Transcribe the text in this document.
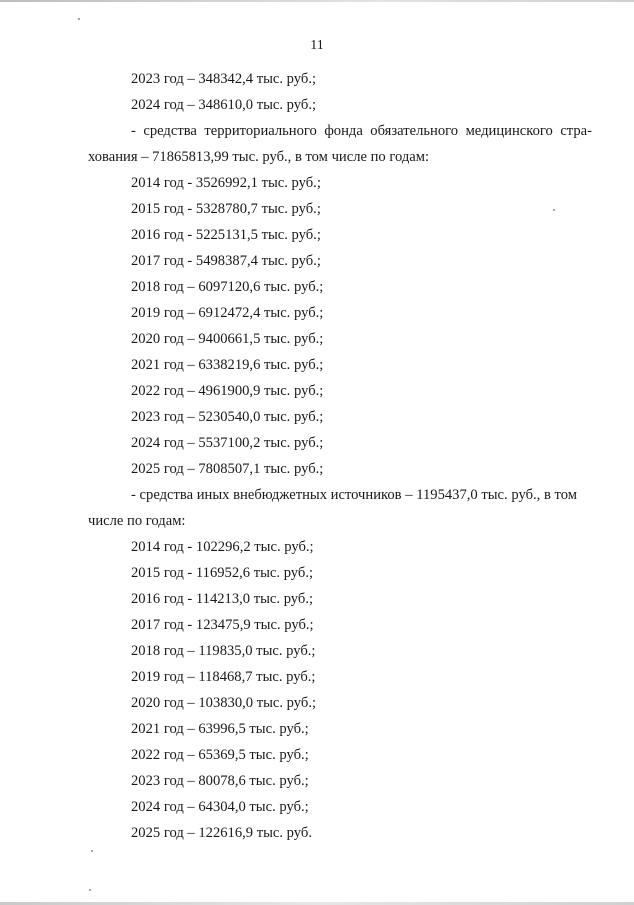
11
2023 год – 348342,4 тыс. руб.;
2024 год – 348610,0 тыс. руб.;
- средства территориального фонда обязательного медицинского стра-
хования – 71865813,99 тыс. руб., в том числе по годам:
2014 год - 3526992,1 тыс. руб.;
2015 год - 5328780,7 тыс. руб.;
2016 год - 5225131,5 тыс. руб.;
2017 год - 5498387,4 тыс. руб.;
2018 год – 6097120,6 тыс. руб.;
2019 год – 6912472,4 тыс. руб.;
2020 год – 9400661,5 тыс. руб.;
2021 год – 6338219,6 тыс. руб.;
2022 год – 4961900,9 тыс. руб.;
2023 год – 5230540,0 тыс. руб.;
2024 год – 5537100,2 тыс. руб.;
2025 год – 7808507,1 тыс. руб.;
- средства иных внебюджетных источников – 1195437,0 тыс. руб., в том
числе по годам:
2014 год - 102296,2 тыс. руб.;
2015 год - 116952,6 тыс. руб.;
2016 год - 114213,0 тыс. руб.;
2017 год - 123475,9 тыс. руб.;
2018 год – 119835,0 тыс. руб.;
2019 год – 118468,7 тыс. руб.;
2020 год – 103830,0 тыс. руб.;
2021 год – 63996,5 тыс. руб.;
2022 год – 65369,5 тыс. руб.;
2023 год – 80078,6 тыс. руб.;
2024 год – 64304,0 тыс. руб.;
2025 год – 122616,9 тыс. руб.
